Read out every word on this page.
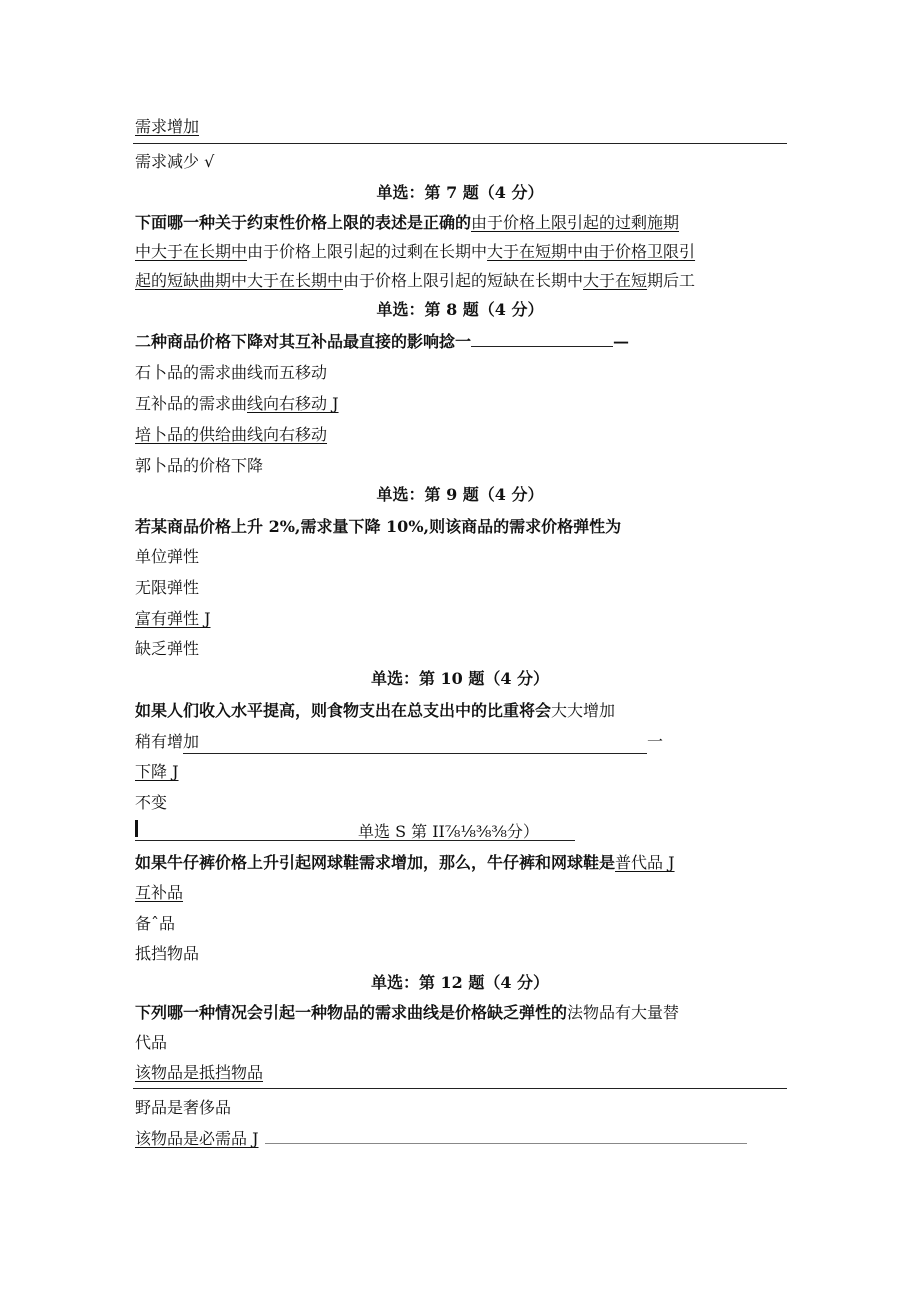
需求增加
需求减少 √
单选：第 7 题（4 分）
下面哪一种关于约束性价格上限的表述是正确的由于价格上限引起的过剩施期
中大于在长期中由于价格上限引起的过剩在长期中大于在短期中由于价格卫限引
起的短缺曲期中大于在长期中由于价格上限引起的短缺在长期中大于在短期后工
单选：第 8 题（4 分）
二种商品价格下降对其互补品最直接的影响捻一	—
石卜品的需求曲线而五移动
互补品的需求曲线向右移动 J
培卜品的供给曲线向右移动
郭卜品的价格下降
单选：第 9 题（4 分）
若某商品价格上升 2%,需求量下降 10%,则该商品的需求价格弹性为
单位弹性
无限弹性
富有弹性 J
缺乏弹性
单选：第 10 题（4 分）
如果人们收入水平提高，则食物支出在总支出中的比重将会大大增加
稍有增加	一
下降 J
不变
单选 S 第 II⅞⅛⅜⅜分）
如果牛仔裤价格上升引起网球鞋需求增加，那么，牛仔裤和网球鞋是普代品 J
互补品
备ˆ品
抵挡物品
单选：第 12 题（4 分）
下列哪一种情况会引起一种物品的需求曲线是价格缺乏弹性的法物品有大量替
代品
该物品是抵挡物品
野品是奢侈品
该物品是必需品 J
